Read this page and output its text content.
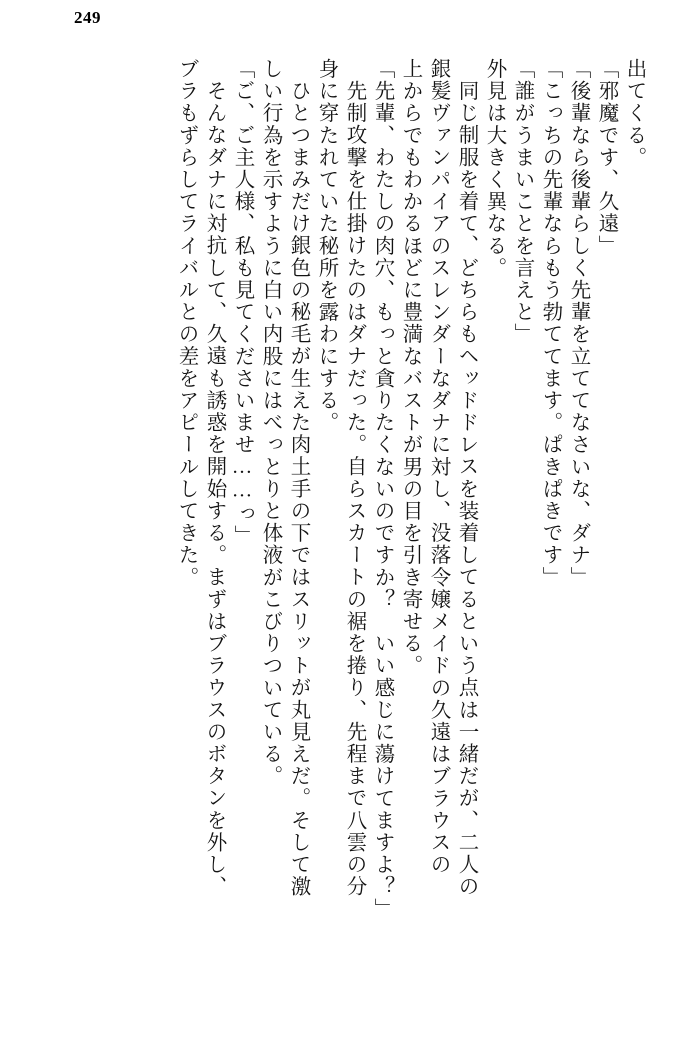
249
出てくる。
「邪魔です、久遠」
「後輩なら後輩らしく先輩を立ててなさいな、ダナ」
「こっちの先輩ならもう勃ててます。ぱきぱきです」
「誰がうまいことを言えと」
外見は大きく異なる。
同じ制服を着て、どちらもヘッドドレスを装着してるという点は一緒だが、二人の
銀髪ヴァンパイアのスレンダーなダナに対し、没落令嬢メイドの久遠はブラウスの
上からでもわかるほどに豊満なバストが男の目を引き寄せる。
「先輩、わたしの肉穴、もっと貪りたくないのですか？　いい感じに蕩けてますよ？」
先制攻撃を仕掛けたのはダナだった。自らスカートの裾を捲り、先程まで八雲の分
身に穿たれていた秘所を露わにする。
ひとつまみだけ銀色の秘毛が生えた肉土手の下ではスリットが丸見えだ。そして激
しい行為を示すように白い内股にはべっとりと体液がこびりついている。
「ご、ご主人様、私も見てくださいませ……っ」
そんなダナに対抗して、久遠も誘惑を開始する。まずはブラウスのボタンを外し、
ブラもずらしてライバルとの差をアピールしてきた。
